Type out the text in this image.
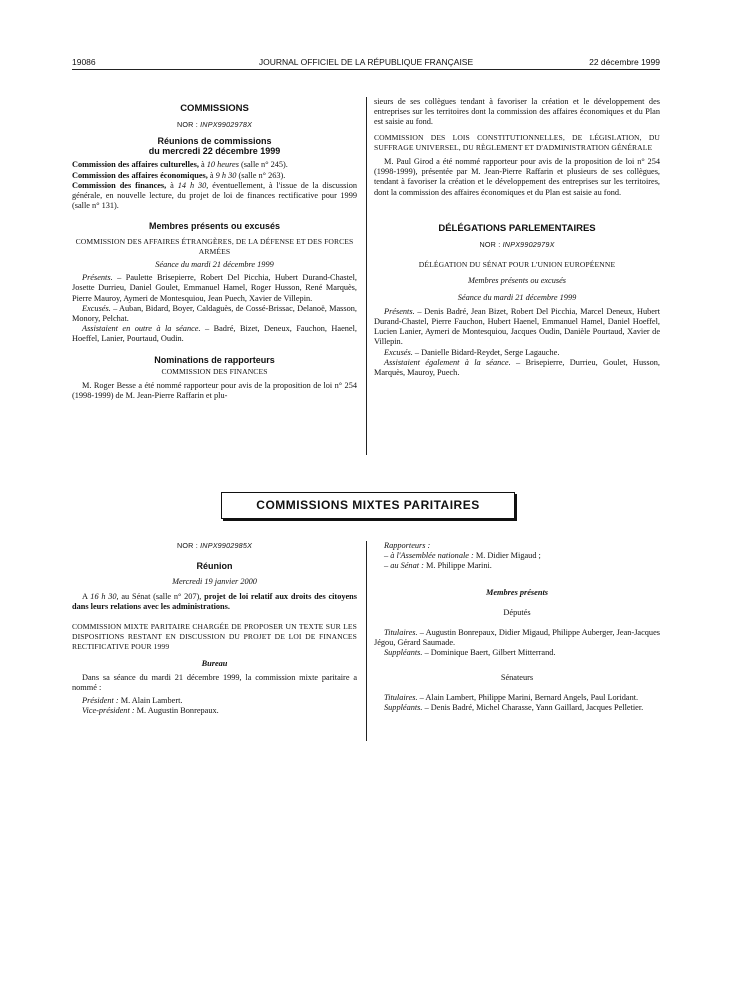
19086	JOURNAL OFFICIEL DE LA RÉPUBLIQUE FRANÇAISE	22 décembre 1999

COMMISSIONS

NOR : INPX9902978X

Réunions de commissions
du mercredi 22 décembre 1999

Commission des affaires culturelles, à 10 heures (salle n° 245).

Commission des affaires économiques, à 9 h 30 (salle n° 263).

Commission des finances, à 14 h 30, éventuellement, à l'issue de la discussion générale, en nouvelle lecture, du projet de loi de finances rectificative pour 1999 (salle n° 131).

Membres présents ou excusés

COMMISSION DES AFFAIRES ÉTRANGÈRES, DE LA DÉFENSE ET DES FORCES ARMÉES

Séance du mardi 21 décembre 1999

Présents. – Paulette Brisepierre, Robert Del Picchia, Hubert Durand-Chastel, Josette Durrieu, Daniel Goulet, Emmanuel Hamel, Roger Husson, René Marquès, Pierre Mauroy, Aymeri de Montesquiou, Jean Puech, Xavier de Villepin.

Excusés. – Auban, Bidard, Boyer, Caldaguès, de Cossé-Brissac, Delanoë, Masson, Monory, Pelchat.

Assistaient en outre à la séance. – Badré, Bizet, Deneux, Fauchon, Haenel, Hoeffel, Lanier, Pourtaud, Oudin.

Nominations de rapporteurs

COMMISSION DES FINANCES

M. Roger Besse a été nommé rapporteur pour avis de la proposition de loi n° 254 (1998-1999) de M. Jean-Pierre Raffarin et plu-

sieurs de ses collègues tendant à favoriser la création et le développement des entreprises sur les territoires dont la commission des affaires économiques et du Plan est saisie au fond.

COMMISSION DES LOIS CONSTITUTIONNELLES, DE LÉGISLATION, DU SUFFRAGE UNIVERSEL, DU RÈGLEMENT ET D'ADMINISTRATION GÉNÉRALE

M. Paul Girod a été nommé rapporteur pour avis de la proposition de loi n° 254 (1998-1999), présentée par M. Jean-Pierre Raffarin et plusieurs de ses collègues, tendant à favoriser la création et le développement des entreprises sur les territoires, dont la commission des affaires économiques et du Plan est saisie au fond.

DÉLÉGATIONS PARLEMENTAIRES

NOR : INPX9902979X

DÉLÉGATION DU SÉNAT POUR L'UNION EUROPÉENNE

Membres présents ou excusés

Séance du mardi 21 décembre 1999

Présents. – Denis Badré, Jean Bizet, Robert Del Picchia, Marcel Deneux, Hubert Durand-Chastel, Pierre Fauchon, Hubert Haenel, Emmanuel Hamel, Daniel Hoeffel, Lucien Lanier, Aymeri de Montesquiou, Jacques Oudin, Danièle Pourtaud, Xavier de Villepin.

Excusés. – Danielle Bidard-Reydet, Serge Lagauche.

Assistaient également à la séance. – Brisepierre, Durrieu, Goulet, Husson, Marquès, Mauroy, Puech.

COMMISSIONS MIXTES PARITAIRES

NOR : INPX9902985X

Réunion

Mercredi 19 janvier 2000

A 16 h 30, au Sénat (salle n° 207), projet de loi relatif aux droits des citoyens dans leurs relations avec les administrations.

COMMISSION MIXTE PARITAIRE CHARGÉE DE PROPOSER UN TEXTE SUR LES DISPOSITIONS RESTANT EN DISCUSSION DU PROJET DE LOI DE FINANCES RECTIFICATIVE POUR 1999

Bureau

Dans sa séance du mardi 21 décembre 1999, la commission mixte paritaire a nommé :

Président : M. Alain Lambert.

Vice-président : M. Augustin Bonrepaux.

Rapporteurs :

– à l'Assemblée nationale : M. Didier Migaud ;

– au Sénat : M. Philippe Marini.

Membres présents

Députés

Titulaires. – Augustin Bonrepaux, Didier Migaud, Philippe Auberger, Jean-Jacques Jégou, Gérard Saumade.

Suppléants. – Dominique Baert, Gilbert Mitterrand.

Sénateurs

Titulaires. – Alain Lambert, Philippe Marini, Bernard Angels, Paul Loridant.

Suppléants. – Denis Badré, Michel Charasse, Yann Gaillard, Jacques Pelletier.
